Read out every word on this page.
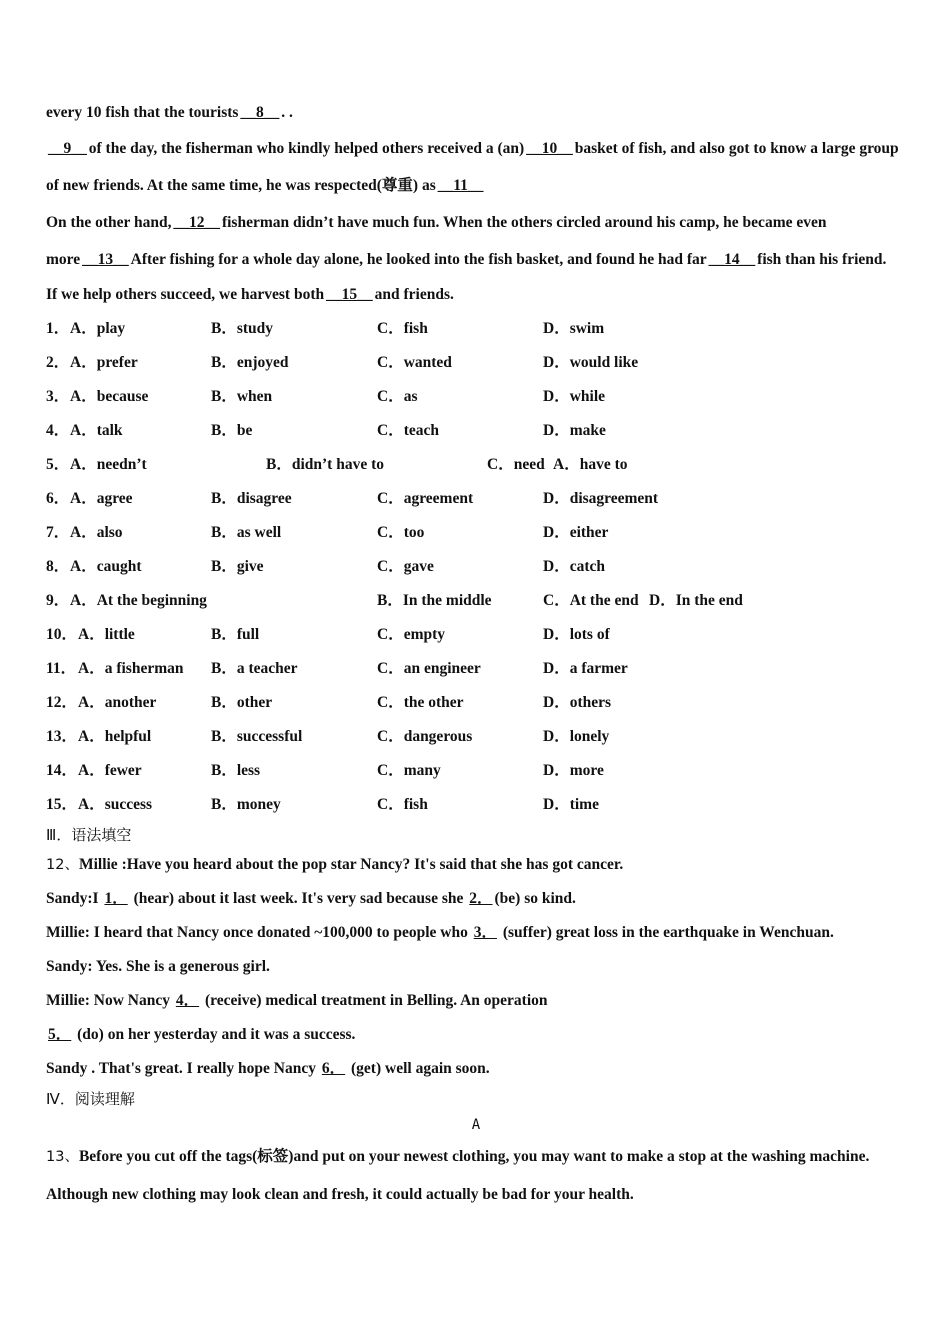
every 10 fish that the tourists __8__ . .
__9__ of the day, the fisherman who kindly helped others received a (an) __10__ basket of fish, and also got to know a large group of new friends. At the same time, he was respected(尊重) as __11__
On the other hand, __12__ fisherman didn’t have much fun. When the others circled around his camp, he became even more __13__ After fishing for a whole day alone, he looked into the fish basket, and found he had far __14__ fish than his friend.
If we help others succeed, we harvest both __15__ and friends.
1． A．play	B．study	C．fish	D．swim
2． A．prefer	B．enjoyed	C．wanted	D．would like
3． A．because	B．when	C．as	D．while
4． A．talk	B．be	C．teach	D．make
5． A．needn’t	B．didn’t have to	C．need A．have to
6． A．agree	B．disagree	C．agreement	D．disagreement
7． A．also	B．as well	C．too	D．either
8． A．caught	B．give	C．gave	D．catch
9． A．At the beginning	B．In the middle	C．At the end D．In the end
10． A．little	B．full	C．empty	D．lots of
11． A．a fisherman B．a teacher	C．an engineer	D．a farmer
12． A．another	B．other	C．the other	D．others
13． A．helpful	B．successful	C．dangerous	D．lonely
14． A．fewer	B．less	C．many	D．more
15． A．success	B．money	C．fish	D．time
Ⅲ．语法填空
12、Millie :Have you heard about the pop star Nancy? It's said that she has got cancer.
Sandy:I 1． (hear) about it last week. It's very sad because she 2． (be) so kind.
Millie: I heard that Nancy once donated ~100,000 to people who 3． (suffer) great loss in the earthquake in Wenchuan.
Sandy: Yes. She is a generous girl.
Millie: Now Nancy 4． (receive) medical treatment in Belling. An operation
5． (do) on her yesterday and it was a success.
Sandy . That's great. I really hope Nancy 6． (get) well again soon.
Ⅳ．阅读理解
A
13、Before you cut off the tags(标签)and put on your newest clothing, you may want to make a stop at the washing machine. Although new clothing may look clean and fresh, it could actually be bad for your health.
